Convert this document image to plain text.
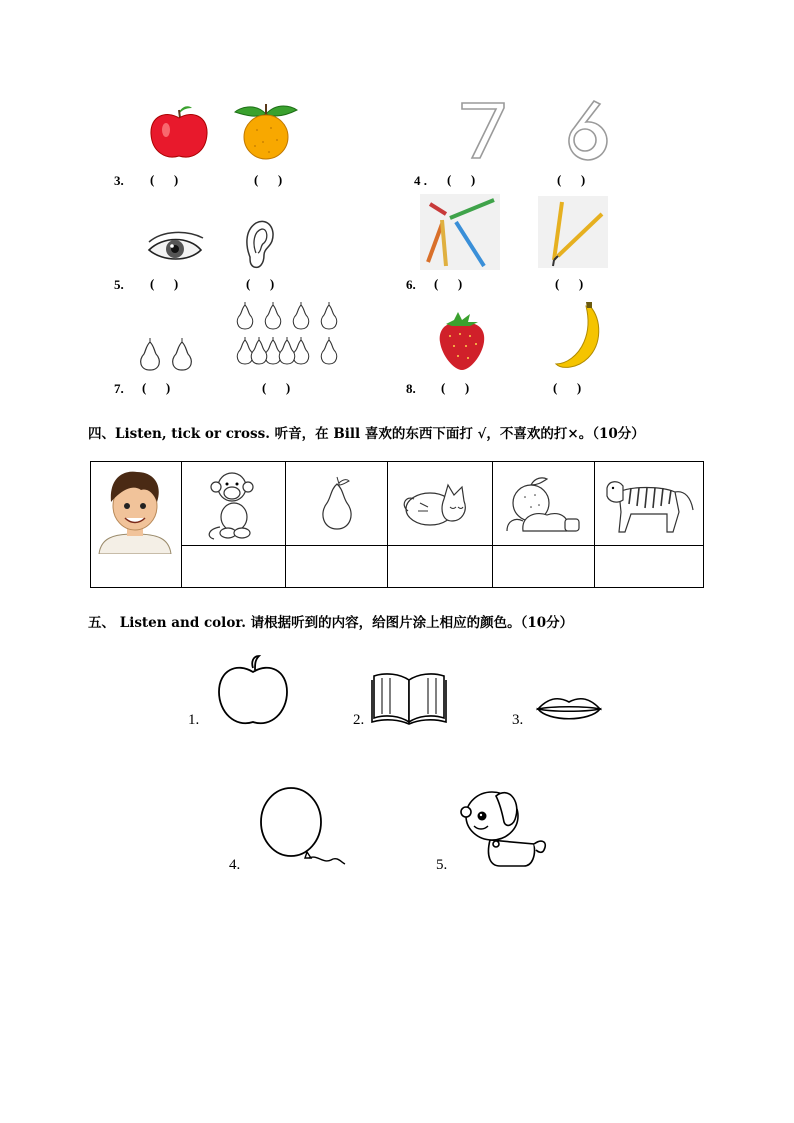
3. (      )	(      )	4 . (      )	(      )
5. (      )	(      )	6. (      )	(      )
7. (      )	(      )	8. (      )	(      )
四、Listen, tick or cross. 听音，在 Bill 喜欢的东西下面打 √，不喜欢的打×。（10分）

五、 Listen and color. 请根据听到的内容，给图片涂上相应的颜色。（10分）
1.	2.	3.
4.	5.
